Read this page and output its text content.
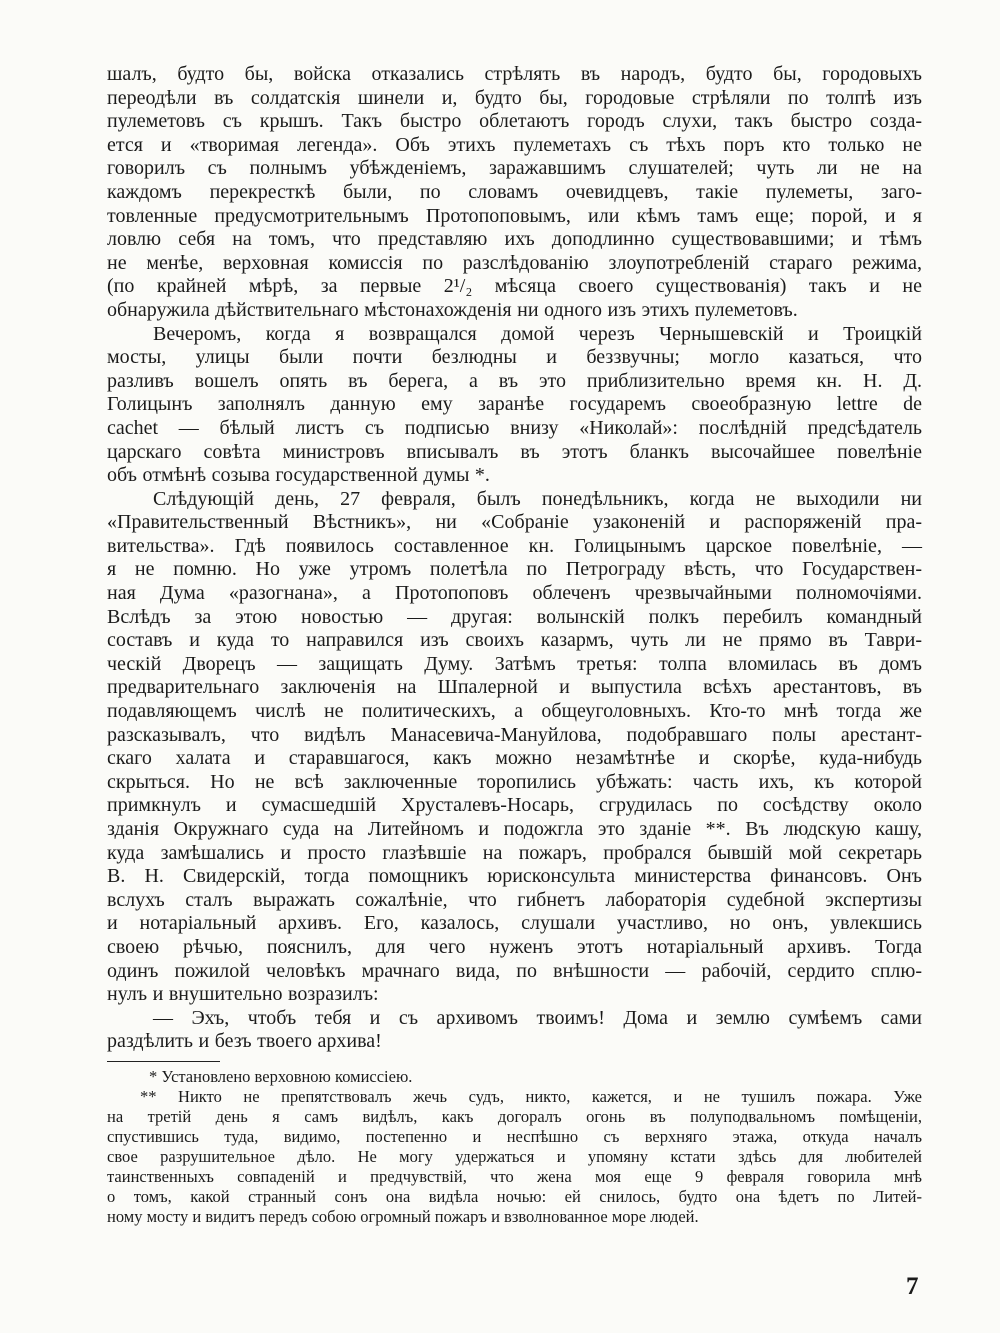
шалъ, будто бы, войска отказались стрѣлять въ народъ, будто бы, городовыхъ
переодѣли въ солдатскія шинели и, будто бы, городовые стрѣляли по толпѣ изъ
пулеметовъ съ крышъ. Такъ быстро облетаютъ городъ слухи, такъ быстро созда-
ется и «творимая легенда». Объ этихъ пулеметахъ съ тѣхъ поръ кто только не
говорилъ съ полнымъ убѣжденіемъ, заражавшимъ слушателей; чуть ли не на
каждомъ перекресткѣ были, по словамъ очевидцевъ, такіе пулеметы, заго-
товленные предусмотрительнымъ Протопоповымъ, или кѣмъ тамъ еще; порой, и я
ловлю себя на томъ, что представляю ихъ доподлинно существовавшими; и тѣмъ
не менѣе, верховная комиссія по разслѣдованію злоупотребленій стараго режима,
(по крайней мѣрѣ, за первые 2¹/₂ мѣсяца своего существованія) такъ и не
обнаружила дѣйствительнаго мѣстонахожденія ни одного изъ этихъ пулеметовъ.
Вечеромъ, когда я возвращался домой черезъ Чернышевскій и Троицкій
мосты, улицы были почти безлюдны и беззвучны; могло казаться, что
разливъ вошелъ опять въ берега, а въ это приблизительно время кн. Н. Д.
Голицынъ заполнялъ данную ему заранѣе государемъ своеобразную lettre de
cachet — бѣлый листъ съ подписью внизу «Николай»: послѣдній предсѣдатель
царскаго совѣта министровъ вписывалъ въ этотъ бланкъ высочайшее повелѣніе
объ отмѣнѣ созыва государственной думы *.
Слѣдующій день, 27 февраля, былъ понедѣльникъ, когда не выходили ни
«Правительственный Вѣстникъ», ни «Собраніе узаконеній и распоряженій пра-
вительства». Гдѣ появилось составленное кн. Голицынымъ царское повелѣніе, —
я не помню. Но уже утромъ полетѣла по Петрограду вѣсть, что Государствен-
ная Дума «разогнана», а Протопоповъ облеченъ чрезвычайными полномочіями.
Вслѣдъ за этою новостью — другая: волынскій полкъ перебилъ командный
составъ и куда то направился изъ своихъ казармъ, чуть ли не прямо въ Таври-
ческій Дворецъ — защищать Думу. Затѣмъ третья: толпа вломилась въ домъ
предварительнаго заключенія на Шпалерной и выпустила всѣхъ арестантовъ, въ
подавляющемъ числѣ не политическихъ, а общеуголовныхъ. Кто-то мнѣ тогда же
разсказывалъ, что видѣлъ Манасевича-Мануйлова, подобравшаго полы арестант-
скаго халата и старавшагося, какъ можно незамѣтнѣе и скорѣе, куда-нибудь
скрыться. Но не всѣ заключенные торопились убѣжать: часть ихъ, къ которой
примкнулъ и сумасшедшій Хрусталевъ-Носарь, сгрудилась по сосѣдству около
зданія Окружнаго суда на Литейномъ и подожгла это зданіе **. Въ людскую кашу,
куда замѣшались и просто глазѣвшіе на пожаръ, пробрался бывшій мой секретарь
В. Н. Свидерскій, тогда помощникъ юрисконсульта министерства финансовъ. Онъ
вслухъ сталъ выражать сожалѣніе, что гибнетъ лабораторія судебной экспертизы
и нотаріальный архивъ. Его, казалось, слушали участливо, но онъ, увлекшись
своею рѣчью, пояснилъ, для чего нуженъ этотъ нотаріальный архивъ. Тогда
одинъ пожилой человѣкъ мрачнаго вида, по внѣшности — рабочій, сердито сплю-
нулъ и внушительно возразилъ:
— Эхъ, чтобъ тебя и съ архивомъ твоимъ! Дома и землю сумѣемъ сами
раздѣлить и безъ твоего архива!
* Установлено верховною комиссіею.
** Никто не препятствовалъ жечь судъ, никто, кажется, и не тушилъ пожара. Уже
на третій день я самъ видѣлъ, какъ догоралъ огонь въ полуподвальномъ помѣщеніи,
спустившись туда, видимо, постепенно и неспѣшно съ верхняго этажа, откуда началъ
свое разрушительное дѣло. Не могу удержаться и упомяну кстати здѣсь для любителей
таинственныхъ совпаденій и предчувствій, что жена моя еще 9 февраля говорила мнѣ
о томъ, какой странный сонъ она видѣла ночью: ей снилось, будто она ѣдетъ по Литей-
ному мосту и видитъ передъ собою огромный пожаръ и взволнованное море людей.
7
